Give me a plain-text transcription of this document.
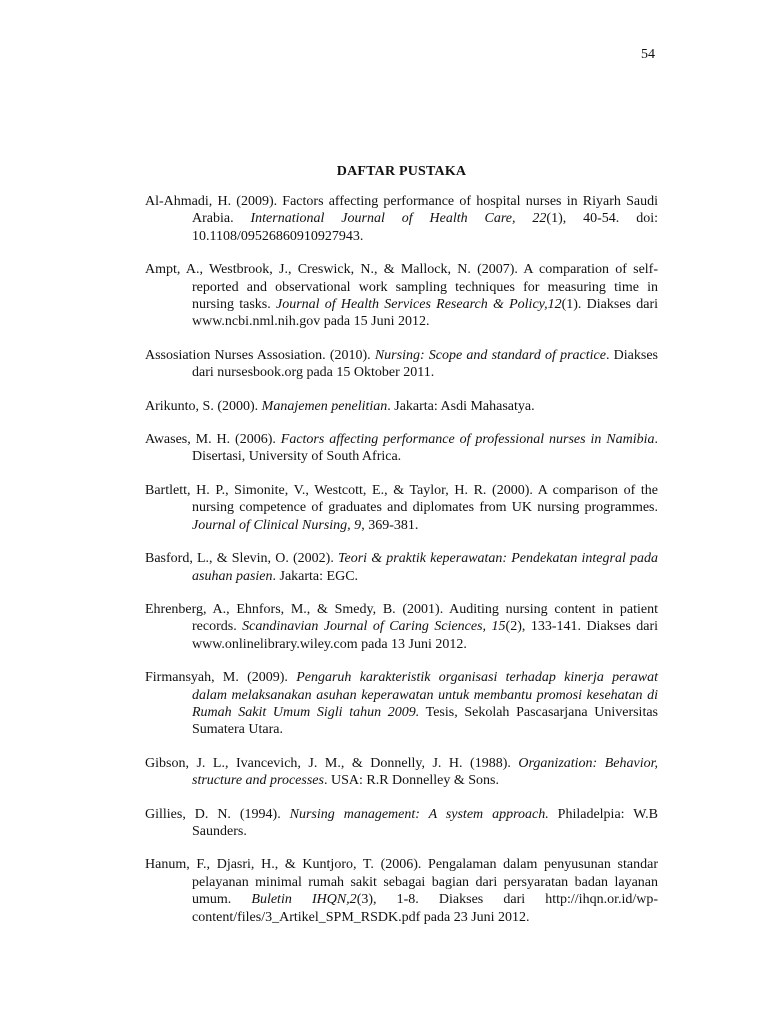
54
DAFTAR PUSTAKA

Al-Ahmadi, H. (2009). Factors affecting performance of hospital nurses in Riyarh Saudi Arabia. International Journal of Health Care, 22(1), 40-54. doi: 10.1108/09526860910927943.

Ampt, A., Westbrook, J., Creswick, N., & Mallock, N. (2007). A comparation of self-reported and observational work sampling techniques for measuring time in nursing tasks. Journal of Health Services Research & Policy,12(1). Diakses dari www.ncbi.nml.nih.gov pada 15 Juni 2012.

Assosiation Nurses Assosiation. (2010). Nursing: Scope and standard of practice. Diakses dari nursesbook.org pada 15 Oktober 2011.

Arikunto, S. (2000). Manajemen penelitian. Jakarta: Asdi Mahasatya.

Awases, M. H. (2006). Factors affecting performance of professional nurses in Namibia. Disertasi, University of South Africa.

Bartlett, H. P., Simonite, V., Westcott, E., & Taylor, H. R. (2000). A comparison of the nursing competence of graduates and diplomates from UK nursing programmes. Journal of Clinical Nursing, 9, 369-381.

Basford, L., & Slevin, O. (2002). Teori & praktik keperawatan: Pendekatan integral pada asuhan pasien. Jakarta: EGC.

Ehrenberg, A., Ehnfors, M., & Smedy, B. (2001). Auditing nursing content in patient records. Scandinavian Journal of Caring Sciences, 15(2), 133-141. Diakses dari www.onlinelibrary.wiley.com pada 13 Juni 2012.

Firmansyah, M. (2009). Pengaruh karakteristik organisasi terhadap kinerja perawat dalam melaksanakan asuhan keperawatan untuk membantu promosi kesehatan di Rumah Sakit Umum Sigli tahun 2009. Tesis, Sekolah Pascasarjana Universitas Sumatera Utara.

Gibson, J. L., Ivancevich, J. M., & Donnelly, J. H. (1988). Organization: Behavior, structure and processes. USA: R.R Donnelley & Sons.

Gillies, D. N. (1994). Nursing management: A system approach. Philadelpia: W.B Saunders.

Hanum, F., Djasri, H., & Kuntjoro, T. (2006). Pengalaman dalam penyusunan standar pelayanan minimal rumah sakit sebagai bagian dari persyaratan badan layanan umum. Buletin IHQN,2(3), 1-8. Diakses dari http://ihqn.or.id/wp-content/files/3_Artikel_SPM_RSDK.pdf pada 23 Juni 2012.
